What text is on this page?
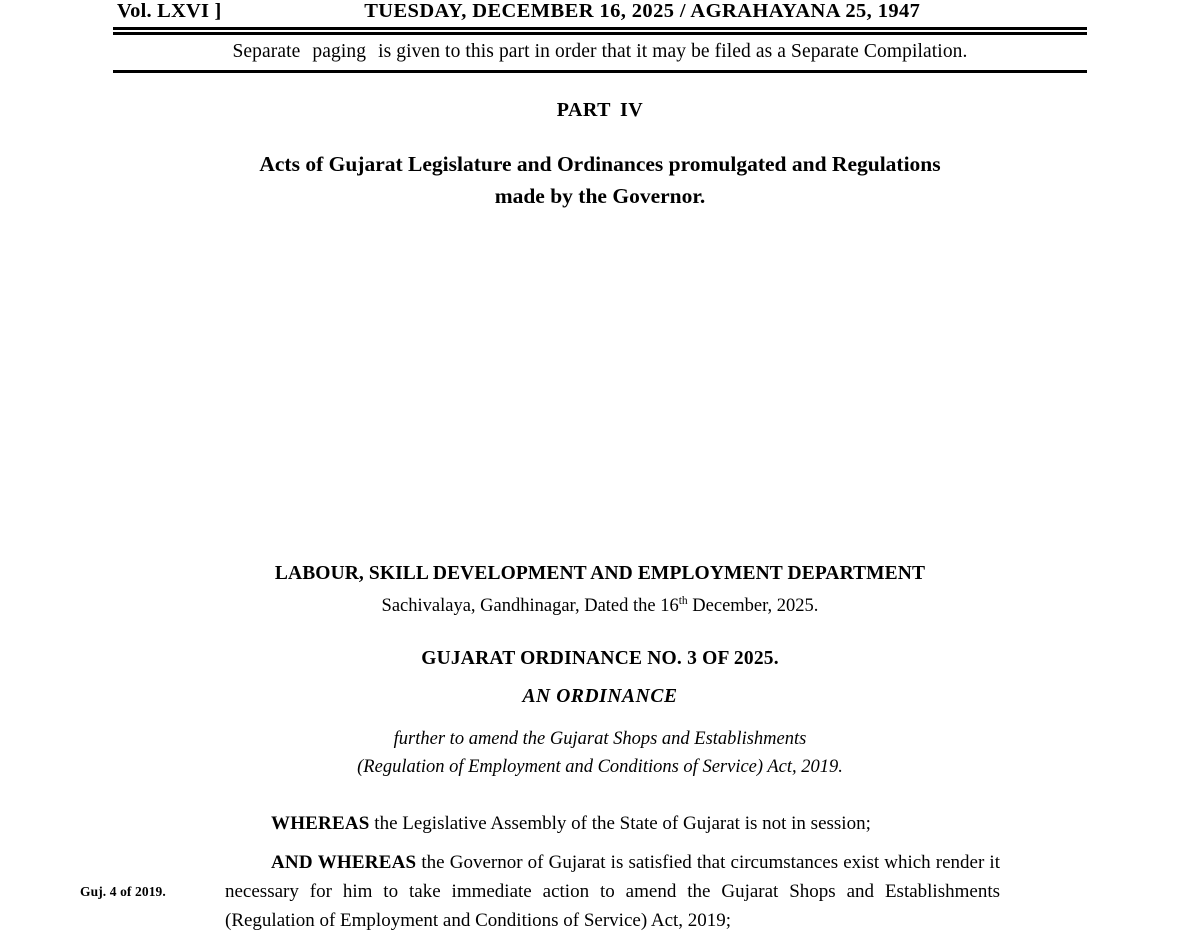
Vol. LXVI ]	TUESDAY, DECEMBER 16, 2025 / AGRAHAYANA 25, 1947
Separate paging is given to this part in order that it may be filed as a Separate Compilation.
PART IV
Acts of Gujarat Legislature and Ordinances promulgated and Regulations
made by the Governor.
LABOUR, SKILL DEVELOPMENT AND EMPLOYMENT DEPARTMENT
Sachivalaya, Gandhinagar, Dated the 16th December, 2025.
GUJARAT ORDINANCE NO. 3 OF 2025.
AN ORDINANCE
further to amend the Gujarat Shops and Establishments
(Regulation of Employment and Conditions of Service) Act, 2019.

WHEREAS the Legislative Assembly of the State of Gujarat is not in session;

AND WHEREAS the Governor of Gujarat is satisfied that circumstances exist which render it necessary for him to take immediate action to amend the Gujarat Shops and Establishments (Regulation of Employment and Conditions of Service) Act, 2019;

Guj. 4 of 2019.
